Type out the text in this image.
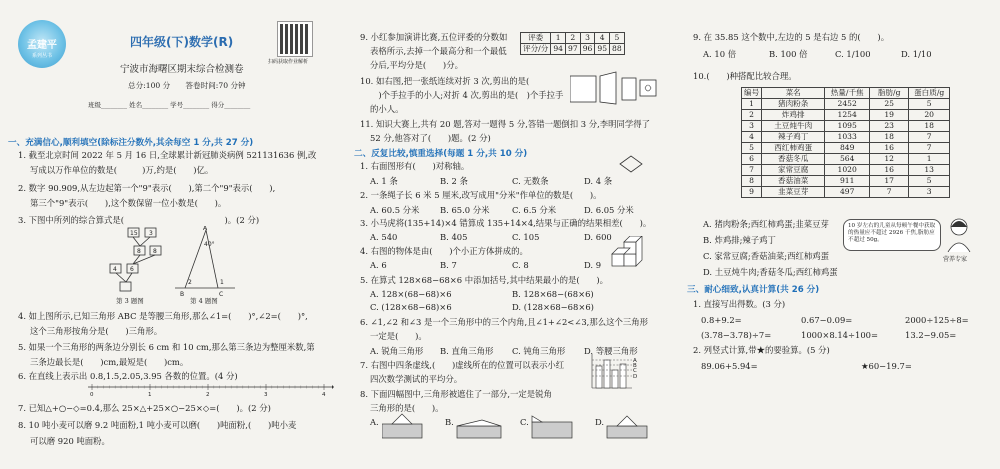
孟建平
系列丛书
四年级(下)数学(R)
扫码获取作业解析
宁波市海曙区期末综合检测卷
总分:100 分　　答卷时间:70 分钟
班级________ 姓名________ 学号________ 得分________
一、充满信心,顺利填空(除标注分数外,其余每空 1 分,共 27 分)
1. 截至北京时间 2022 年 5 月 16 日,全球累计新冠肺炎病例 521131636 例,改
写成以万作单位的数是(　　　)万,约是(　　)亿。
2. 数字 90.909,从左边起第一个"9"表示(　　),第二个"9"表示(　　),
第三个"9"表示(　　),这个数保留一位小数是(　　)。
3. 下图中所列的综合算式是(　　　　　　　　　　　　)。(2 分)
15 3
8
6
4
8
A
B	C
40°
1
2
第 3 题图	第 4 题图
4. 如上图所示,已知三角形 ABC 是等腰三角形,那么∠1=(　　)°,∠2=(　　)°,
这个三角形按角分是(　　)三角形。
5. 如果一个三角形的两条边分别长 6 cm 和 10 cm,那么第三条边为整厘米数,第
三条边最长是(　　)cm,最短是(　　)cm。
6. 在直线上表示出 0.8,1.5,2.05,3.95 各数的位置。(4 分)
0	1	2	3	4
7. 已知△+○−◇=0.4,那么 25×△+25×○−25×◇=(　　)。(2 分)
8. 10 吨小麦可以磨 9.2 吨面粉,1 吨小麦可以磨(　　)吨面粉,(　　)吨小麦
可以磨 920 吨面粉。
9. 小红参加演讲比赛,五位评委的分数如
表格所示,去掉一个最高分和一个最低
分后,平均分是(　　)分。
评委	1	2	3	4	5
评分/分	94	97	96	95	88
10. 如右图,把一张纸连续对折 3 次,剪出的是(
　)个手拉手的小人;对折 4 次,剪出的是(　)个手拉手
的小人。
11. 知识大赛上,共有 20 题,答对一题得 5 分,答错一题倒扣 3 分,李明同学得了
52 分,他答对了(　　)题。(2 分)
二、反复比较,慎重选择(每题 1 分,共 10 分)
1. 右面图形有(　　)对称轴。
A. 1 条	B. 2 条	C. 无数条	D. 4 条
2. 一条绳子长 6 米 5 厘米,改写成用"分米"作单位的数是(　　)。
A. 60.5 分米 B. 65.0 分米	C. 6.5 分米	D. 6.05 分米
3. 小马虎将(135+14)×4 错算成 135+14×4,结果与正确的结果相差(　　)。
A. 540	B. 405	C. 105	D. 600
4. 右图的物体是由(　　)个小正方体拼成的。
A. 6	B. 7	C. 8	D. 9
5. 在算式 128×68−68×6 中添加括号,其中结果最小的是(　　)。
A. 128×(68−68)×6	B. 128×68−(68×6)
C. (128×68−68)×6	D. (128×68−68×6)
6. ∠1,∠2 和∠3 是一个三角形中的三个内角,且∠1+∠2<∠3,那么这个三角形
一定是(　　)。
A. 锐角三角形 B. 直角三角形 C. 钝角三角形 D. 等腰三角形
7. 右图中四条虚线,(　　)虚线所在的位置可以表示小红
四次数学测试的平均分。
A
B
C
D
8. 下面四幅图中,三角形被遮住了一部分,一定是锐角
三角形的是(　　)。
A.	B.	C.	D.
9. 在 35.85 这个数中,左边的 5 是右边 5 的(　　)。
A. 10 倍	B. 100 倍	C. 1/100	D. 1/10
10.(　　)种搭配比较合理。
编号	菜名	热量/千焦	脂肪/g	蛋白质/g
1	猪肉粉条	2452	25	5
2	炸鸡排	1254	19	20
3	土豆炖牛肉	1095	23	18
4	辣子鸡丁	1033	18	7
5	西红柿鸡蛋	849	16	7
6	香菇冬瓜	564	12	1
7	家常豆腐	1020	16	13
8	香菇油菜	911	17	5
9	韭菜豆芽	497	7	3
A. 猪肉粉条;西红柿鸡蛋;韭菜豆芽
B. 炸鸡排;辣子鸡丁
C. 家常豆腐;香菇油菜;西红柿鸡蛋
D. 土豆炖牛肉;香菇冬瓜;西红柿鸡蛋
三、耐心细致,认真计算(共 26 分)
1. 直接写出得数。(3 分)
0.8+9.2=	0.67−0.09=	2000÷125÷8=
(3.78−3.78)÷7=	1000×8.14÷100=	13.2−9.05=
2. 列竖式计算,带★的要验算。(5 分)
89.06+5.94=	★60−19.7=
10 岁左右的儿童从每顿午餐中获取的热量应不超过 2926 千焦,脂肪应不超过 50g。
营养专家
